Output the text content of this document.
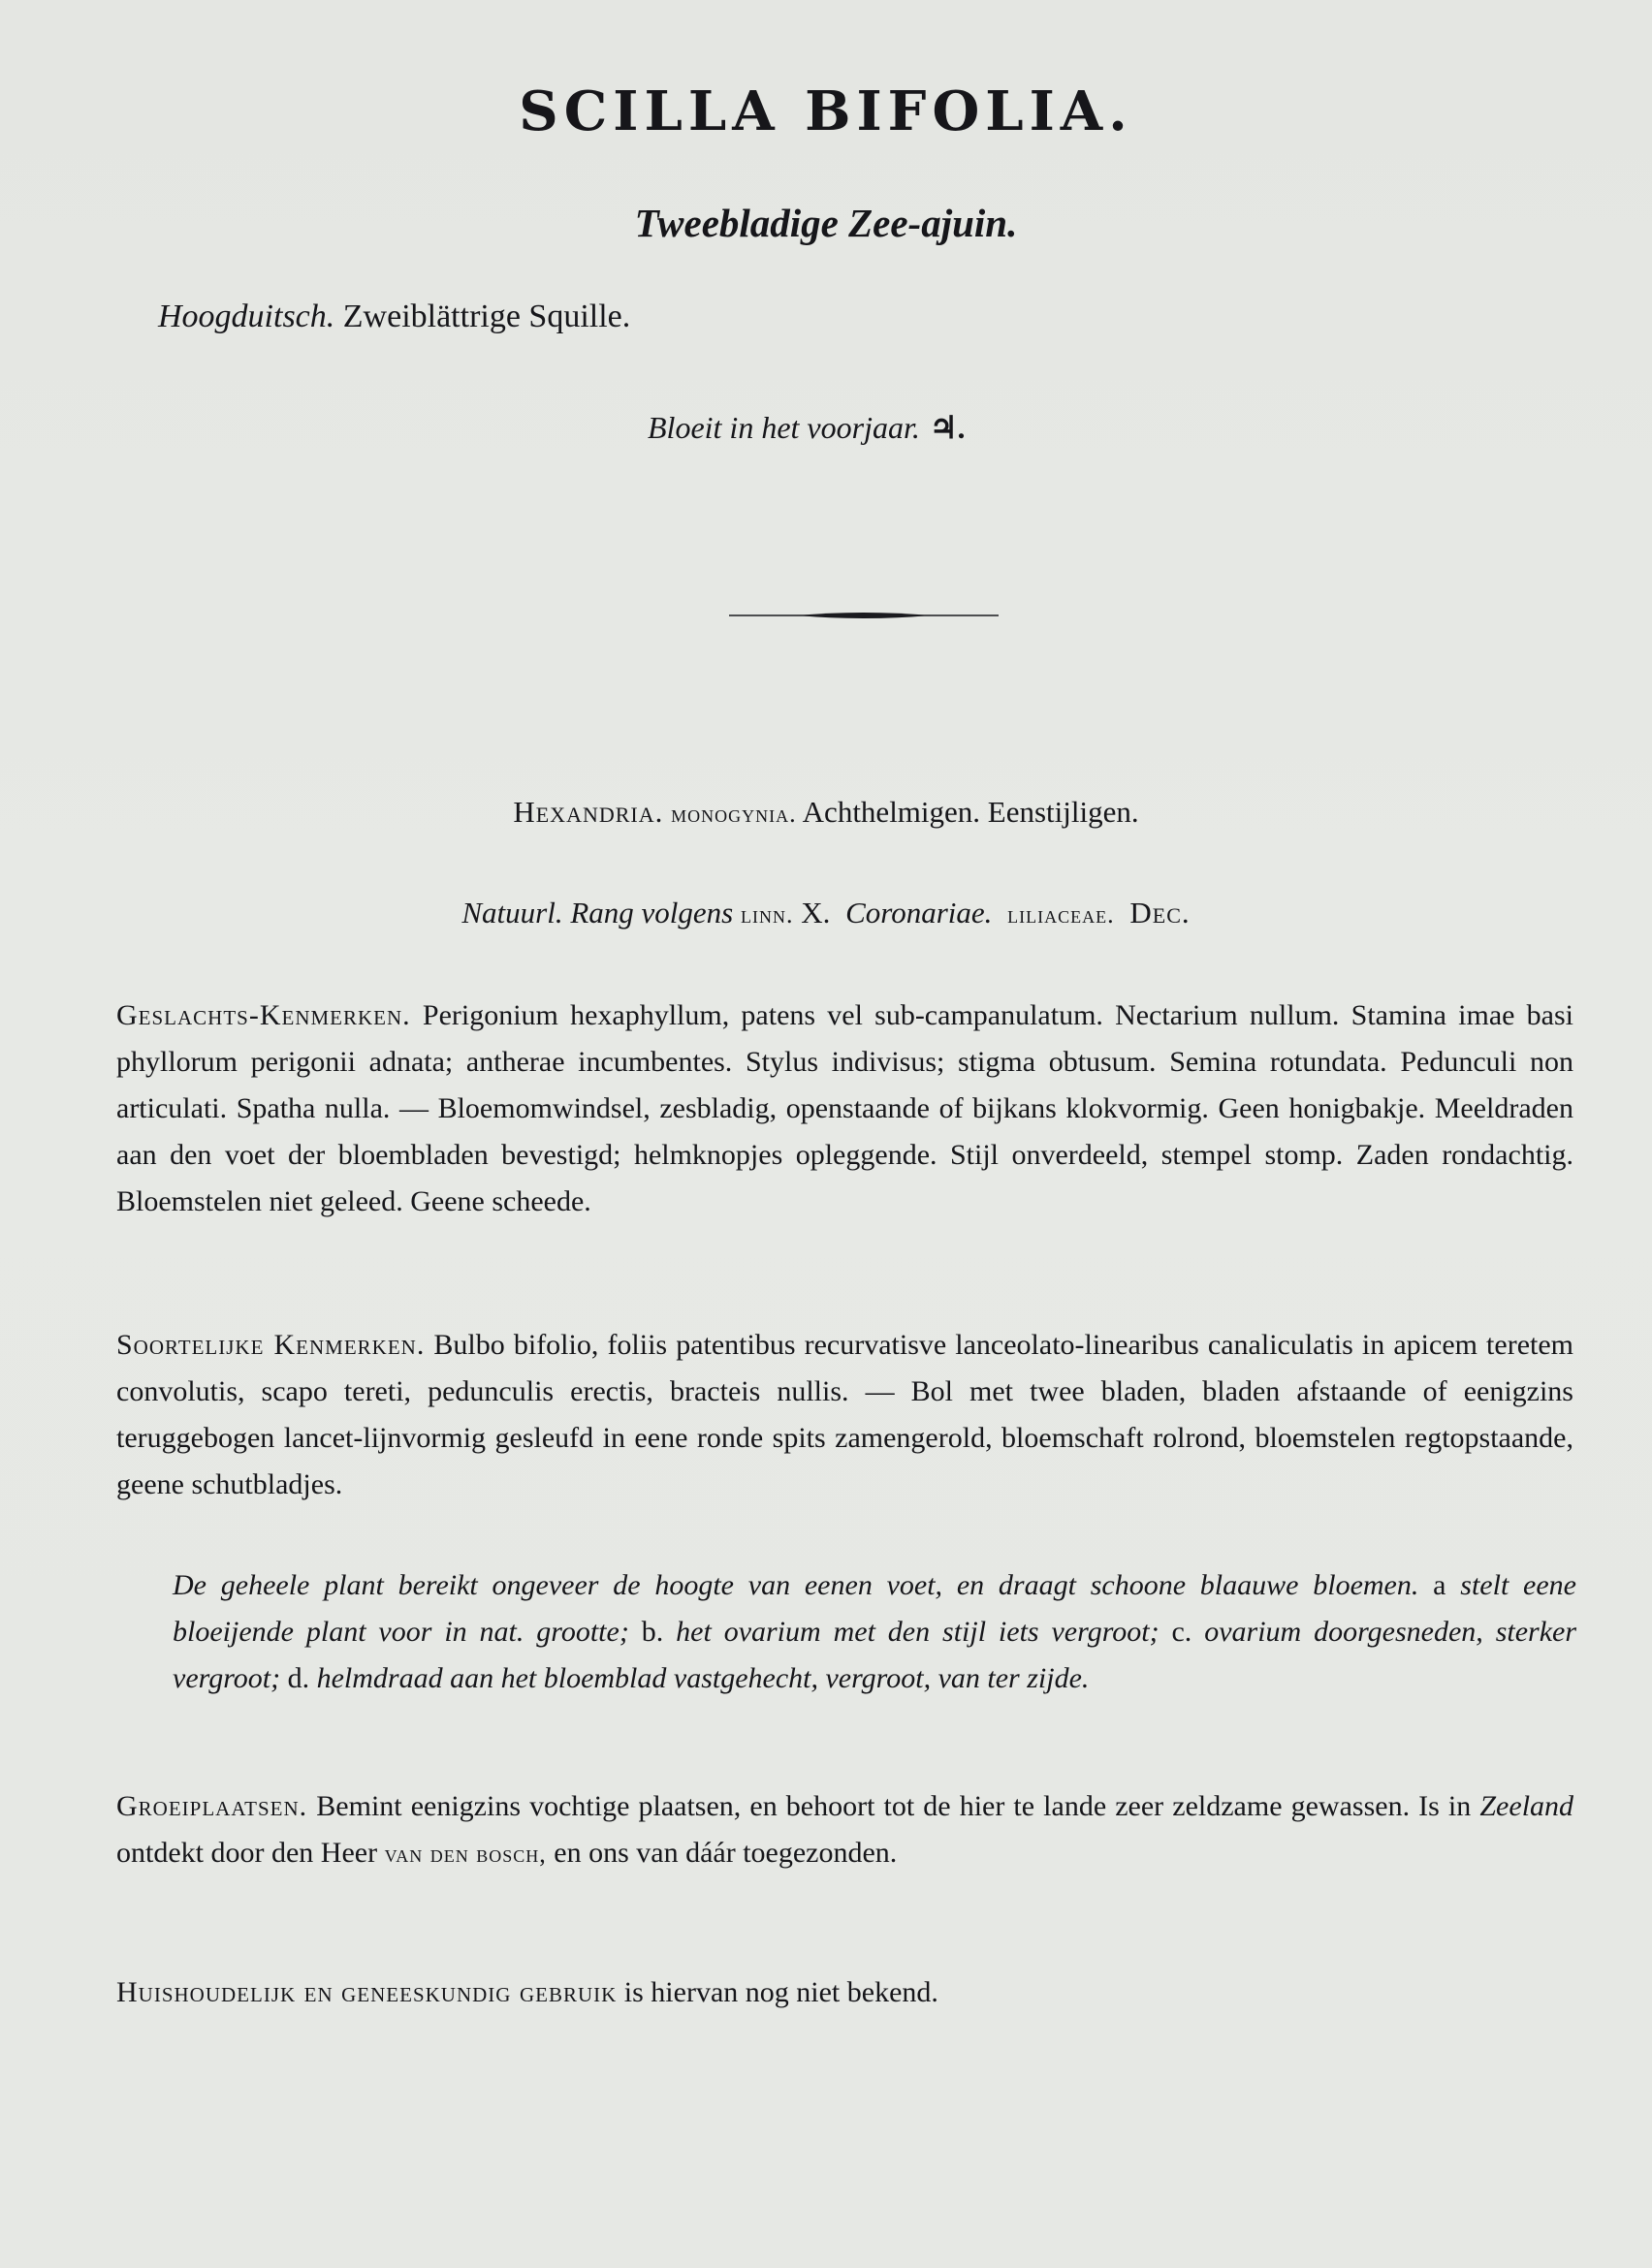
SCILLA BIFOLIA.
Tweebladige Zee-ajuin.
Hoogduitsch. Zweiblättrige Squille.
Bloeit in het voorjaar. ♃.
Hexandria. monogynia. Achthelmigen. Eenstijligen.
Natuurl. Rang volgens linn. X. Coronariae. liliaceae. Dec.
Geslachts-Kenmerken. Perigonium hexaphyllum, patens vel sub-campanulatum. Nectarium nullum. Stamina imae basi phyllorum perigonii adnata; antherae incumbentes. Stylus indivisus; stigma obtusum. Semina rotundata. Pedunculi non articulati. Spatha nulla. — Bloemomwindsel, zesbladig, openstaande of bijkans klokvormig. Geen honigbakje. Meeldraden aan den voet der bloembladen bevestigd; helmknopjes opleggende. Stijl onverdeeld, stempel stomp. Zaden rondachtig. Bloemstelen niet geleed. Geene scheede.
Soortelijke Kenmerken. Bulbo bifolio, foliis patentibus recurvatisve lanceolato-linearibus canaliculatis in apicem teretem convolutis, scapo tereti, pedunculis erectis, bracteis nullis. — Bol met twee bladen, bladen afstaande of eenigzins teruggebogen lancet-lijnvormig gesleufd in eene ronde spits zamengerold, bloemschaft rolrond, bloemstelen regtopstaande, geene schutbladjes.
De geheele plant bereikt ongeveer de hoogte van eenen voet, en draagt schoone blaauwe bloemen. a stelt eene bloeijende plant voor in nat. grootte; b. het ovarium met den stijl iets vergroot; c. ovarium doorgesneden, sterker vergroot; d. helmdraad aan het bloemblad vastgehecht, vergroot, van ter zijde.
Groeiplaatsen. Bemint eenigzins vochtige plaatsen, en behoort tot de hier te lande zeer zeldzame gewassen. Is in Zeeland ontdekt door den Heer van den bosch, en ons van dáár toegezonden.
Huishoudelijk en geneeskundig gebruik is hiervan nog niet bekend.
